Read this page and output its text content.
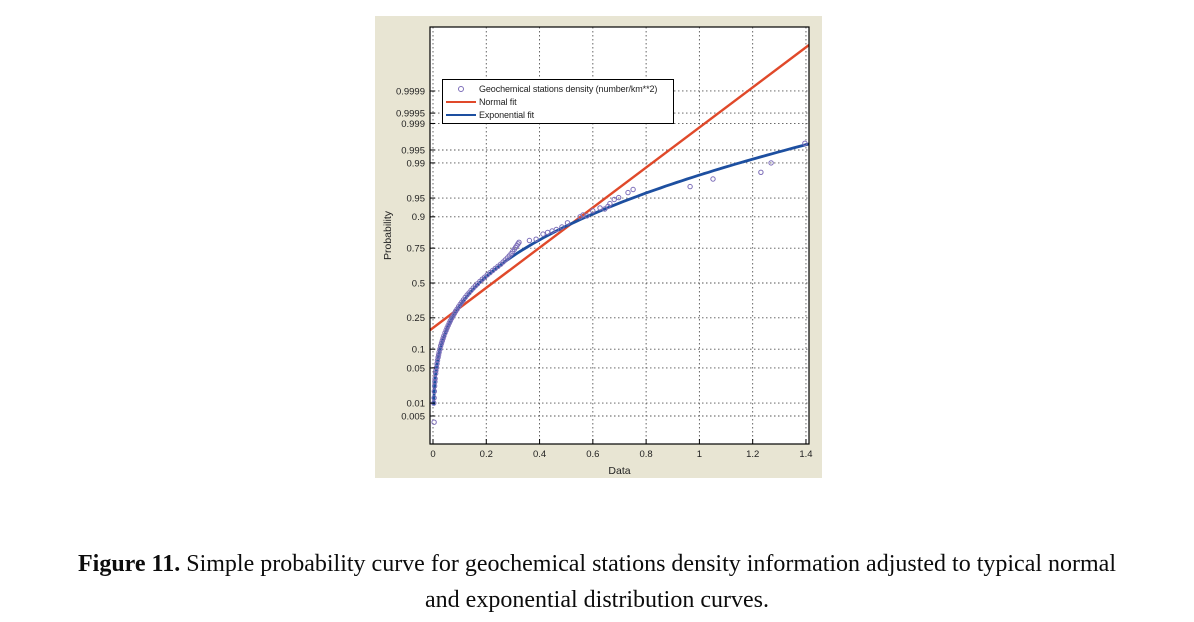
0	0.2	0.4	0.6	0.8	1	1.2	1.4
0.005
0.01
0.05
0.1
0.25
0.5
0.75
0.9
0.95
0.99
0.995
0.999
0.9995
0.9999
Data
Probability
Geochemical stations density (number/km**2)
Normal fit
Exponential fit
Figure 11. Simple probability curve for geochemical stations density information adjusted to typical normal
and exponential distribution curves.
